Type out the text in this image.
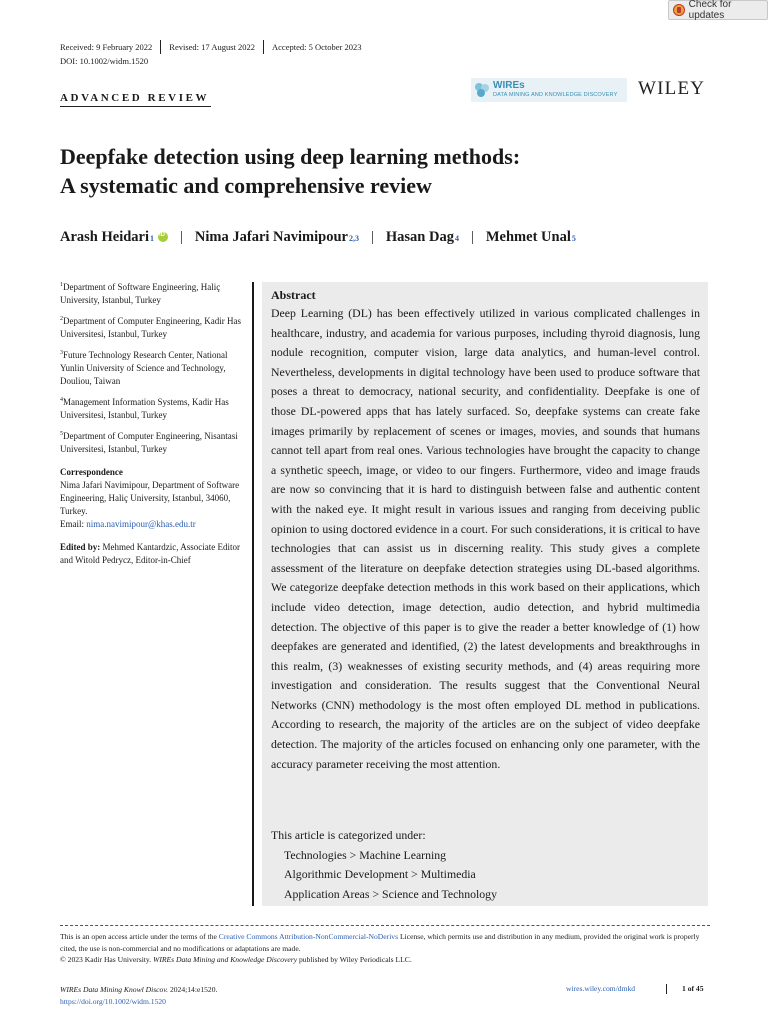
Check for updates
Received: 9 February 2022 Revised: 17 August 2022 Accepted: 5 October 2023
DOI: 10.1002/widm.1520
ADVANCED REVIEW
WIREs
DATA MINING AND KNOWLEDGE DISCOVERY WILEY
Deepfake detection using deep learning methods:
A systematic and comprehensive review
Arash Heidari 1
iD | Nima Jafari Navimipour 2,3 | Hasan Dag 4 | Mehmet Unal 5
$^1$Department of Software Engineering, Haliç University, Istanbul, Turkey
$^2$Department of Computer Engineering, Kadir Has Universitesi, Istanbul, Turkey
$^3$Future Technology Research Center, National Yunlin University of Science and Technology, Douliou, Taiwan
$^4$Management Information Systems, Kadir Has Universitesi, Istanbul, Turkey
$^5$Department of Computer Engineering, Nisantasi Universitesi, Istanbul, Turkey
Correspondence
Nima Jafari Navimipour, Department of Software Engineering, Haliç University, Istanbul, 34060, Turkey.
Email: nima.navimipour@khas.edu.tr
Edited by: Mehmed Kantardzic, Associate Editor and Witold Pedrycz, Editor-in-Chief
Abstract
Deep Learning (DL) has been effectively utilized in various complicated challenges in healthcare, industry, and academia for various purposes, including thyroid diagnosis, lung nodule recognition, computer vision, large data analytics, and human-level control. Nevertheless, developments in digital technology have been used to produce software that poses a threat to democracy, national security, and confidentiality. Deepfake is one of those DL-powered apps that has lately surfaced. So, deepfake systems can create fake images primarily by replacement of scenes or images, movies, and sounds that humans cannot tell apart from real ones. Various technologies have brought the capacity to change a synthetic speech, image, or video to our fingers. Furthermore, video and image frauds are now so convincing that it is hard to distinguish between false and authentic content with the naked eye. It might result in various issues and ranging from deceiving public opinion to using doctored evidence in a court. For such considerations, it is critical to have technologies that can assist us in discerning reality. This study gives a complete assessment of the literature on deepfake detection strategies using DL-based algorithms. We categorize deepfake detection methods in this work based on their applications, which include video detection, image detection, audio detection, and hybrid multimedia detection. The objective of this paper is to give the reader a better knowledge of (1) how deepfakes are generated and identified, (2) the latest developments and breakthroughs in this realm, (3) weaknesses of existing security methods, and (4) areas requiring more investigation and consideration. The results suggest that the Conventional Neural Networks (CNN) methodology is the most often employed DL method in publications. According to research, the majority of the articles are on the subject of video deepfake detection. The majority of the articles focused on enhancing only one parameter, with the accuracy parameter receiving the most attention.
This article is categorized under:
Technologies > Machine Learning
Algorithmic Development > Multimedia
Application Areas > Science and Technology
This is an open access article under the terms of the Creative Commons Attribution-NonCommercial-NoDerivs License, which permits use and distribution in any medium, provided the original work is properly cited, the use is non-commercial and no modifications or adaptations are made.
© 2023 Kadir Has University. WIREs Data Mining and Knowledge Discovery published by Wiley Periodicals LLC.
WIREs Data Mining Knowl Discov. 2024;14:e1520.
https://doi.org/10.1002/widm.1520
wires.wiley.com/dmkd	1 of 45
